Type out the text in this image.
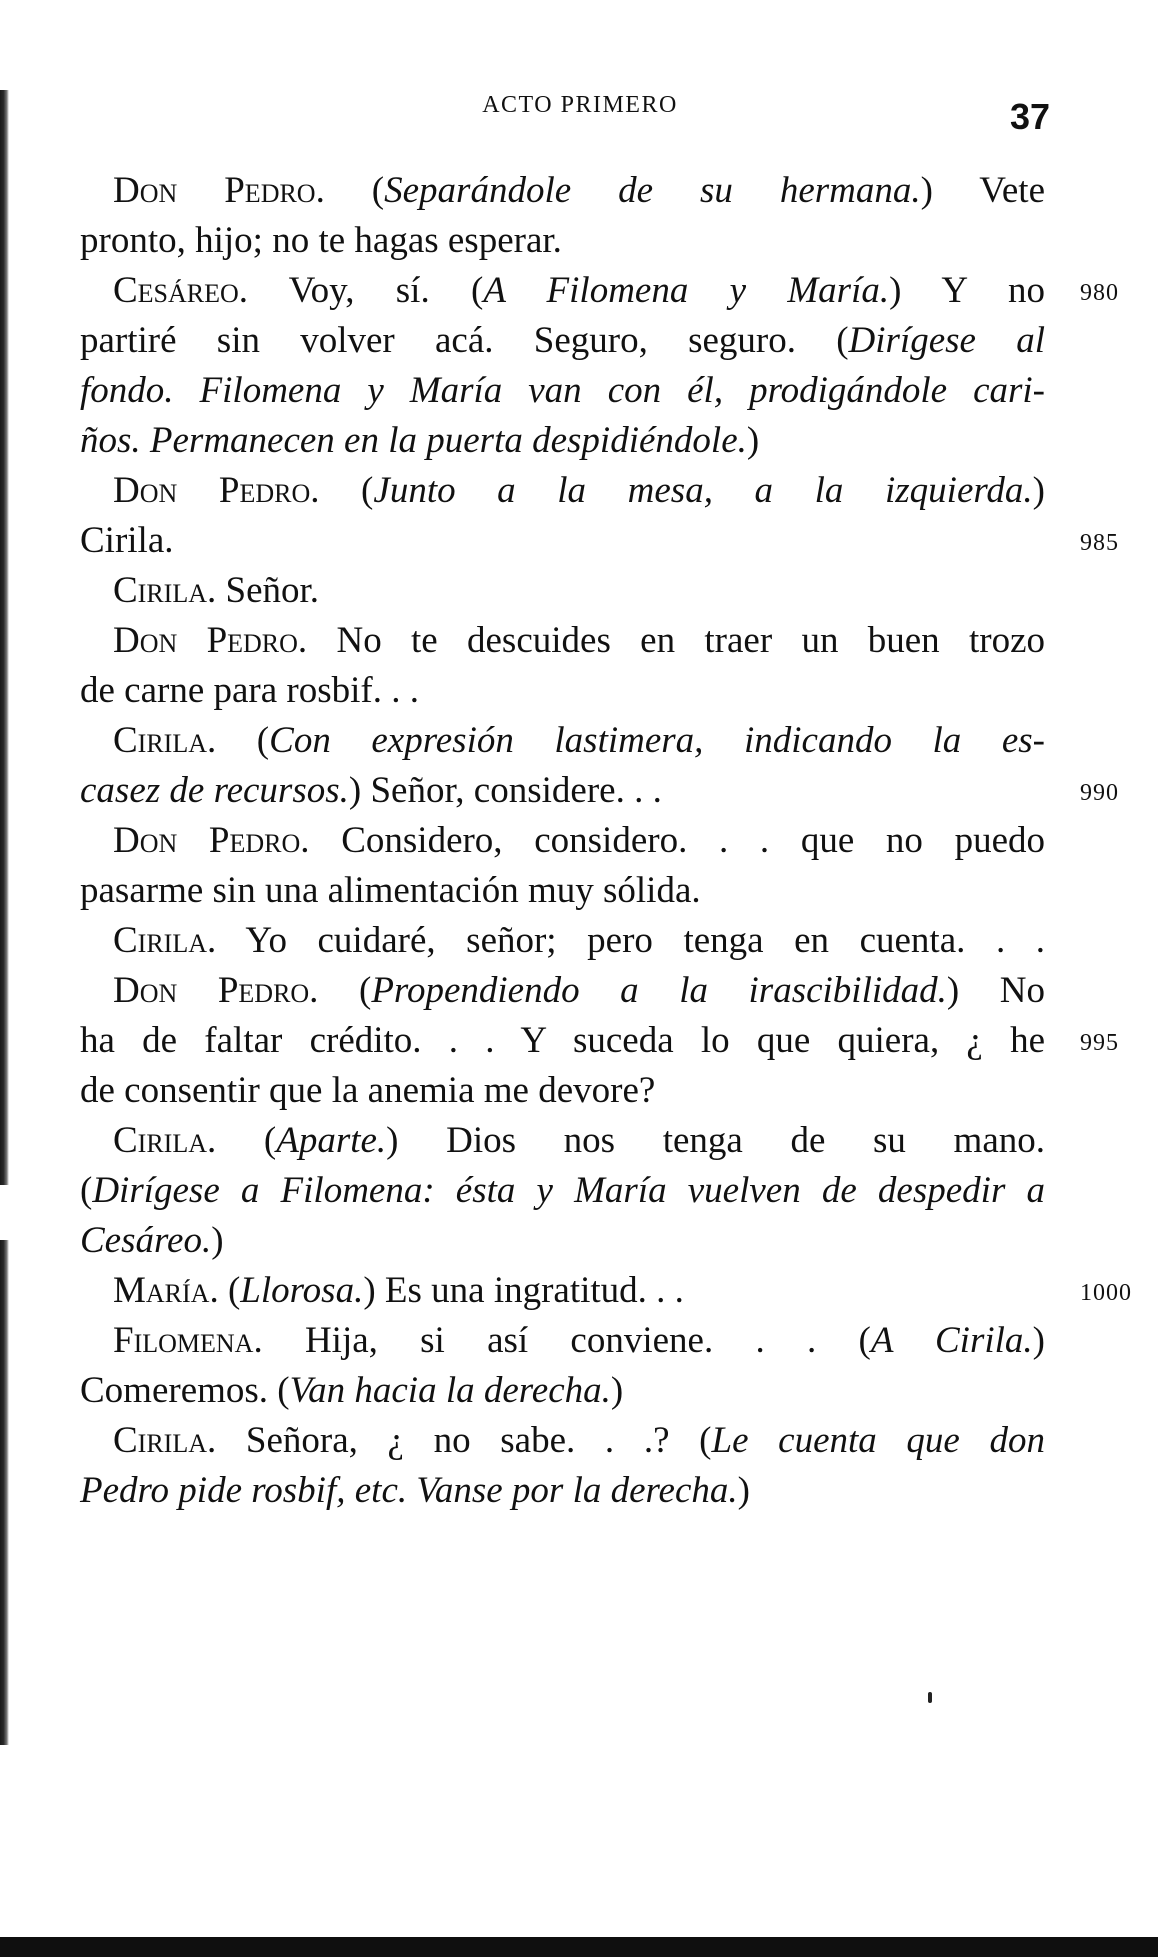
ACTO PRIMERO	37
Don Pedro. (Separándole de su hermana.) Vete
pronto, hijo; no te hagas esperar.
Cesáreo. Voy, sí. (A Filomena y María.) Y no 980
partiré sin volver acá. Seguro, seguro. (Dirígese al
fondo. Filomena y María van con él, prodigándole cari-
ños. Permanecen en la puerta despidiéndole.)
Don Pedro. (Junto a la mesa, a la izquierda.)
Cirila.	985
Cirila. Señor.
Don Pedro. No te descuides en traer un buen trozo
de carne para rosbif. . .
Cirila. (Con expresión lastimera, indicando la es-
casez de recursos.) Señor, considere. . .	990
Don Pedro. Considero, considero. . . que no puedo
pasarme sin una alimentación muy sólida.
Cirila. Yo cuidaré, señor; pero tenga en cuenta. . .
Don Pedro. (Propendiendo a la irascibilidad.) No
ha de faltar crédito. . . Y suceda lo que quiera, ¿ he 995
de consentir que la anemia me devore?
Cirila. (Aparte.) Dios nos tenga de su mano.
(Dirígese a Filomena: ésta y María vuelven de despedir a
Cesáreo.)
María. (Llorosa.) Es una ingratitud. . .	1000
Filomena. Hija, si así conviene. . . (A Cirila.)
Comeremos. (Van hacia la derecha.)
Cirila. Señora, ¿ no sabe. . .? (Le cuenta que don
Pedro pide rosbif, etc. Vanse por la derecha.)
